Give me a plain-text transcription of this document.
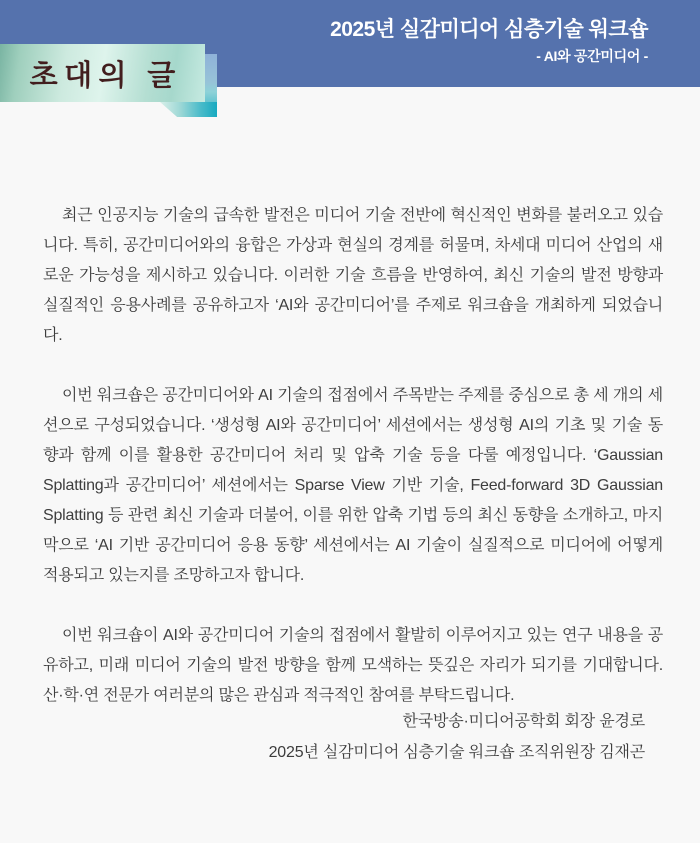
2025년 실감미디어 심층기술 워크숍
- AI와 공간미디어 -
초대의 글

최근 인공지능 기술의 급속한 발전은 미디어 기술 전반에 혁신적인 변화를 불러오고 있습니다. 특히, 공간미디어와의 융합은 가상과 현실의 경계를 허물며, 차세대 미디어 산업의 새로운 가능성을 제시하고 있습니다. 이러한 기술 흐름을 반영하여, 최신 기술의 발전 방향과 실질적인 응용사례를 공유하고자 ‘AI와 공간미디어’를 주제로 워크숍을 개최하게 되었습니다.

이번 워크숍은 공간미디어와 AI 기술의 접점에서 주목받는 주제를 중심으로 총 세 개의 세션으로 구성되었습니다. ‘생성형 AI와 공간미디어’ 세션에서는 생성형 AI의 기초 및 기술 동향과 함께 이를 활용한 공간미디어 처리 및 압축 기술 등을 다룰 예정입니다. ‘Gaussian Splatting과 공간미디어’ 세션에서는 Sparse View 기반 기술, Feed-forward 3D Gaussian Splatting 등 관련 최신 기술과 더불어, 이를 위한 압축 기법 등의 최신 동향을 소개하고, 마지막으로 ‘AI 기반 공간미디어 응용 동향’ 세션에서는 AI 기술이 실질적으로 미디어에 어떻게 적용되고 있는지를 조망하고자 합니다.

이번 워크숍이 AI와 공간미디어 기술의 접점에서 활발히 이루어지고 있는 연구 내용을 공유하고, 미래 미디어 기술의 발전 방향을 함께 모색하는 뜻깊은 자리가 되기를 기대합니다. 산·학·연 전문가 여러분의 많은 관심과 적극적인 참여를 부탁드립니다.

한국방송·미디어공학회 회장 윤경로
2025년 실감미디어 심층기술 워크숍 조직위원장 김재곤
